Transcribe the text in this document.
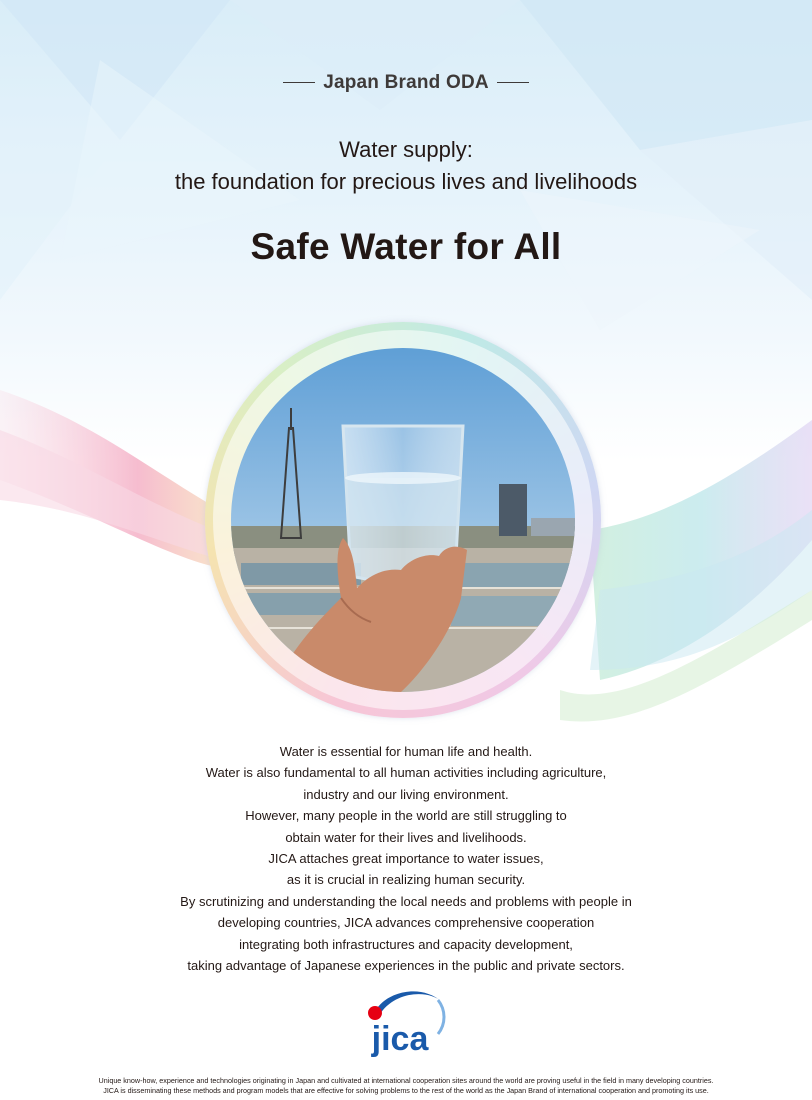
Japan Brand ODA
Water supply:
the foundation for precious lives and livelihoods
Safe Water for All
Water is essential for human life and health.
Water is also fundamental to all human activities including agriculture,
industry and our living environment.
However, many people in the world are still struggling to
obtain water for their lives and livelihoods.
JICA attaches great importance to water issues,
as it is crucial in realizing human security.
By scrutinizing and understanding the local needs and problems with people in
developing countries, JICA advances comprehensive cooperation
integrating both infrastructures and capacity development,
taking advantage of Japanese experiences in the public and private sectors.
jica
Unique know-how, experience and technologies originating in Japan and cultivated at international cooperation sites around the world are proving useful in the field in many developing countries.
JICA is disseminating these methods and program models that are effective for solving problems to the rest of the world as the Japan Brand of international cooperation and promoting its use.
